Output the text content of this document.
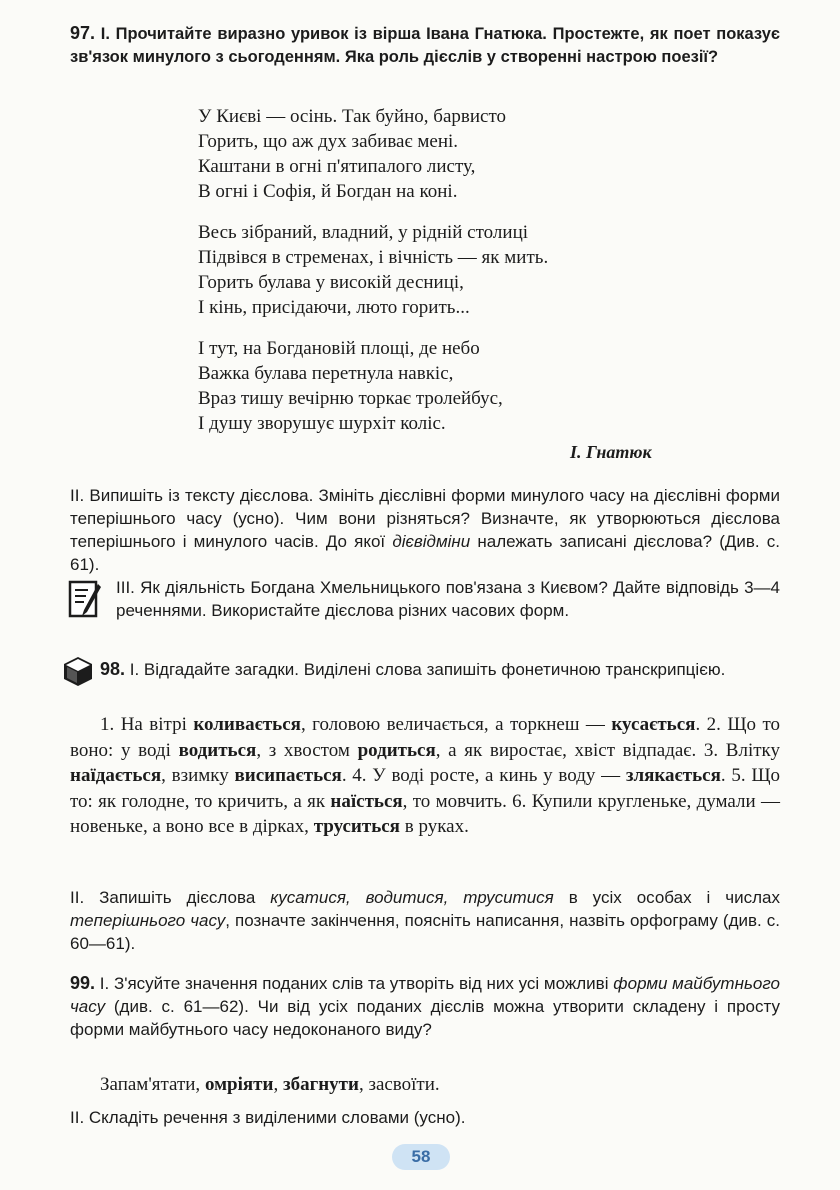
97. I. Прочитайте виразно уривок із вірша Івана Гнатюка. Простежте, як поет показує зв'язок минулого з сьогоденням. Яка роль дієслів у створенні настрою поезії?
У Києві — осінь. Так буйно, барвисто
Горить, що аж дух забиває мені.
Каштани в огні п'ятипалого листу,
В огні і Софія, й Богдан на коні.
Весь зібраний, владний, у рідній столиці
Підвівся в стременах, і вічність — як мить.
Горить булава у високій десниці,
І кінь, присідаючи, люто горить...
І тут, на Богдановій площі, де небо
Важка булава перетнула навкіс,
Враз тишу вечірню торкає тролейбус,
І душу зворушує шурхіт коліс.
І. Гнатюк
II. Випишіть із тексту дієслова. Змініть дієслівні форми минулого часу на дієслівні форми теперішнього часу (усно). Чим вони різняться? Визначте, як утворюються дієслова теперішнього і минулого часів. До якої дієвідміни належать записані дієслова? (Див. с. 61).
III. Як діяльність Богдана Хмельницького пов'язана з Києвом? Дайте відповідь 3—4 реченнями. Використайте дієслова різних часових форм.
98. I. Відгадайте загадки. Виділені слова запишіть фонетичною транскрипцією.
1. На вітрі коливається, головою величається, а торкнеш — кусається. 2. Що то воно: у воді водиться, з хвостом родиться, а як виростає, хвіст відпадає. 3. Влітку наїдається, взимку висипається. 4. У воді росте, а кинь у воду — злякається. 5. Що то: як голодне, то кричить, а як наїсться, то мовчить. 6. Купили кругленьке, думали — новеньке, а воно все в дірках, труситься в руках.
II. Запишіть дієслова кусатися, водитися, труситися в усіх особах і числах теперішнього часу, позначте закінчення, поясніть написання, назвіть орфограму (див. с. 60—61).
99. I. З'ясуйте значення поданих слів та утворіть від них усі можливі форми майбутнього часу (див. с. 61—62). Чи від усіх поданих дієслів можна утворити складену і просту форми майбутнього часу недоконаного виду?
Запам'ятати, омріяти, збагнути, засвоїти.
II. Складіть речення з виділеними словами (усно).
58
